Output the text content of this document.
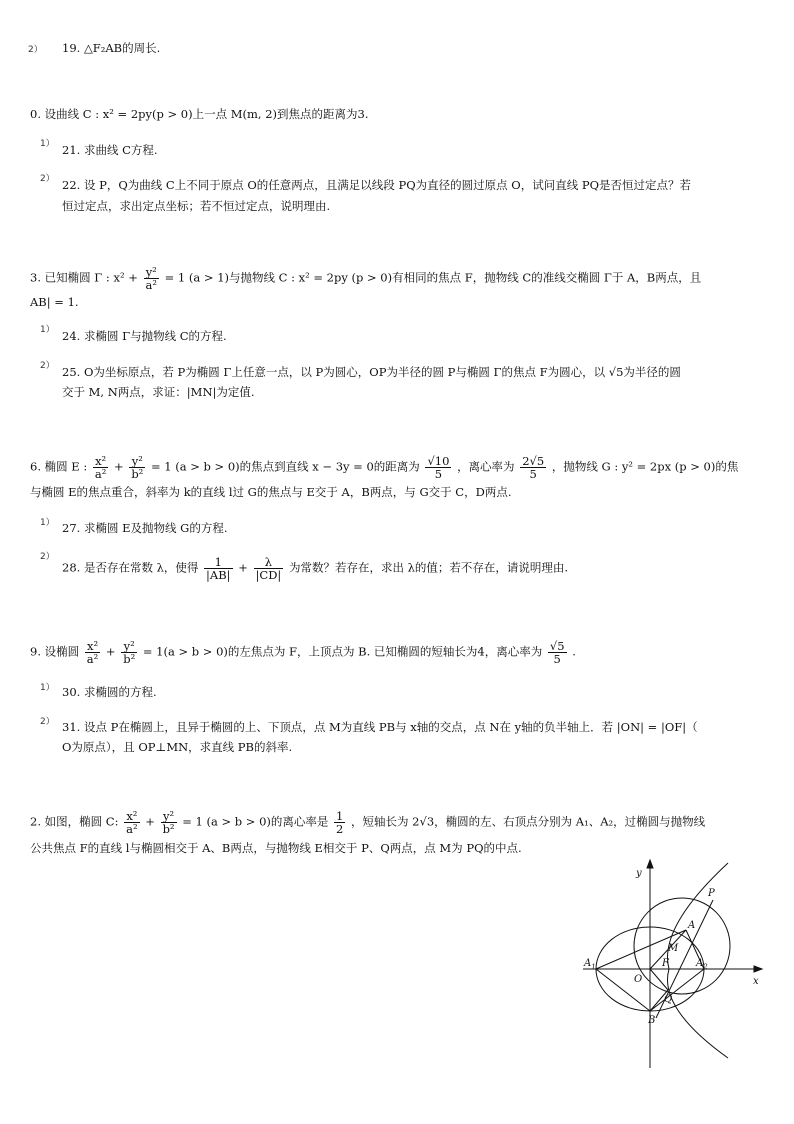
2） 19. △F₂AB的周长.
0. 设曲线 C : x² = 2py(p > 0)上一点 M(m, 2)到焦点的距离为3.
1） 21. 求曲线 C方程.
2） 22. 设 P，Q为曲线 C上不同于原点 O的任意两点，且满足以线段 PQ为直径的圆过原点 O，试问直线 PQ是否恒过定点？若
恒过定点，求出定点坐标；若不恒过定点，说明理由.
3. 已知椭圆 Γ : $x^2 + \frac{\text{y²}}{\text{a²}} = 1$ (a > 1)与抛物线 C : x² = 2py (p > 0)有相同的焦点 F，抛物线 C的准线交椭圆 Γ于 A，B两点，且
AB| = 1.
1） 24. 求椭圆 Γ与抛物线 C的方程.
2） 25. O为坐标原点，若 P为椭圆 Γ上任意一点，以 P为圆心，OP为半径的圆 P与椭圆 Γ的焦点 F为圆心，以 √5为半径的圆
交于 M, N两点，求证：|MN|为定值.
6. 椭圆 E : $\frac{\text{x²}}{\text{a²}} + \frac{\text{y²}}{\text{b²}} = 1$ (a > b > 0)的焦点到直线 x − 3y = 0的距离为 $\frac{√10}{5}$ ，离心率为 $\frac{2√5}{5}$ ，抛物线 G : y² = 2px (p > 0)的焦
与椭圆 E的焦点重合，斜率为 k的直线 l过 G的焦点与 E交于 A，B两点，与 G交于 C，D两点.
1） 27. 求椭圆 E及抛物线 G的方程.
2）
28. 是否存在常数 λ，使得 $\frac{1}{|AB|} + \frac{\lambda}{|CD|}$ 为常数？若存在，求出 λ的值；若不存在，请说明理由.
9. 设椭圆 $\frac{\text{x²}}{\text{a²}} + \frac{\text{y²}}{\text{b²}} = 1(a > b > 0)$的左焦点为 F，上顶点为 B. 已知椭圆的短轴长为4，离心率为 $\frac{√5}{5}$ .
1） 30. 求椭圆的方程.
2） 31. 设点 P在椭圆上，且异于椭圆的上、下顶点，点 M为直线 PB与 x轴的交点，点 N在 y轴的负半轴上．若 |ON| = |OF|（
O为原点），且 OP⊥MN，求直线 PB的斜率.
2. 如图，椭圆 C: $\frac{\text{x²}}{\text{a²}} + \frac{\text{y²}}{\text{b²}} = 1$ (a > b > 0)的离心率是 $\frac{1}{2}$ ，短轴长为 2√3，椭圆的左、右顶点分别为 A₁、A₂，过椭圆与抛物线
公共焦点 F的直线 l与椭圆相交于 A、B两点，与抛物线 E相交于 P、Q两点，点 M为 PQ的中点.
y
x
P
A
M
F
$A_1$	$A_2$
O
Q
B
